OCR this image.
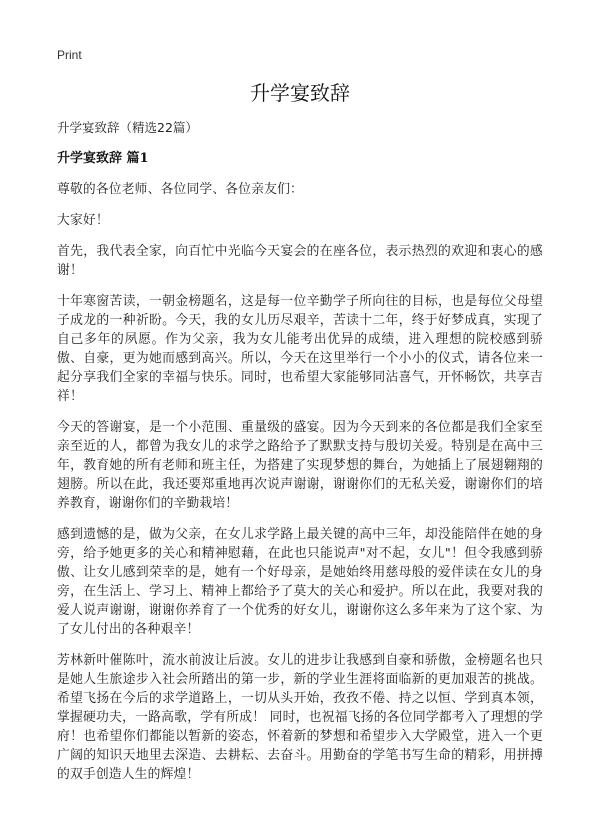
Print
升学宴致辞

升学宴致辞（精选22篇）

升学宴致辞 篇1

尊敬的各位老师、各位同学、各位亲友们：

大家好！

首先，我代表全家，向百忙中光临今天宴会的在座各位，表示热烈的欢迎和衷心的感谢！

十年寒窗苦读，一朝金榜题名，这是每一位辛勤学子所向往的目标，也是每位父母望子成龙的一种祈盼。今天，我的女儿历尽艰辛，苦读十二年，终于好梦成真，实现了自己多年的夙愿。作为父亲，我为女儿能考出优异的成绩，进入理想的院校感到骄傲、自豪，更为她而感到高兴。所以，今天在这里举行一个小小的仪式，请各位来一起分享我们全家的幸福与快乐。同时，也希望大家能够同沾喜气，开怀畅饮，共享吉祥！

今天的答谢宴，是一个小范围、重量级的盛宴。因为今天到来的各位都是我们全家至亲至近的人，都曾为我女儿的求学之路给予了默默支持与殷切关爱。特别是在高中三年，教育她的所有老师和班主任，为搭建了实现梦想的舞台，为她插上了展翅翱翔的翅膀。所以在此，我还要郑重地再次说声谢谢，谢谢你们的无私关爱，谢谢你们的培养教育，谢谢你们的辛勤栽培！

感到遗憾的是，做为父亲，在女儿求学路上最关键的高中三年，却没能陪伴在她的身旁，给予她更多的关心和精神慰藉，在此也只能说声"对不起，女儿"！但令我感到骄傲、让女儿感到荣幸的是，她有一个好母亲，是她始终用慈母般的爱伴读在女儿的身旁，在生活上、学习上、精神上都给予了莫大的关心和爱护。所以在此，我要对我的爱人说声谢谢，谢谢你养育了一个优秀的好女儿，谢谢你这么多年来为了这个家、为了女儿付出的各种艰辛！

芳林新叶催陈叶，流水前波让后波。女儿的进步让我感到自豪和骄傲，金榜题名也只是她人生旅途步入社会所踏出的第一步，新的学业生涯将面临新的更加艰苦的挑战。希望飞扬在今后的求学道路上，一切从头开始，孜孜不倦、持之以恒、学到真本领，掌握硬功夫，一路高歌，学有所成！ 同时，也祝福飞扬的各位同学都考入了理想的学府！也希望你们都能以暂新的姿态，怀着新的梦想和希望步入大学殿堂，进入一个更广阔的知识天地里去深造、去耕耘、去奋斗。用勤奋的学笔书写生命的精彩，用拼搏的双手创造人生的辉煌！
